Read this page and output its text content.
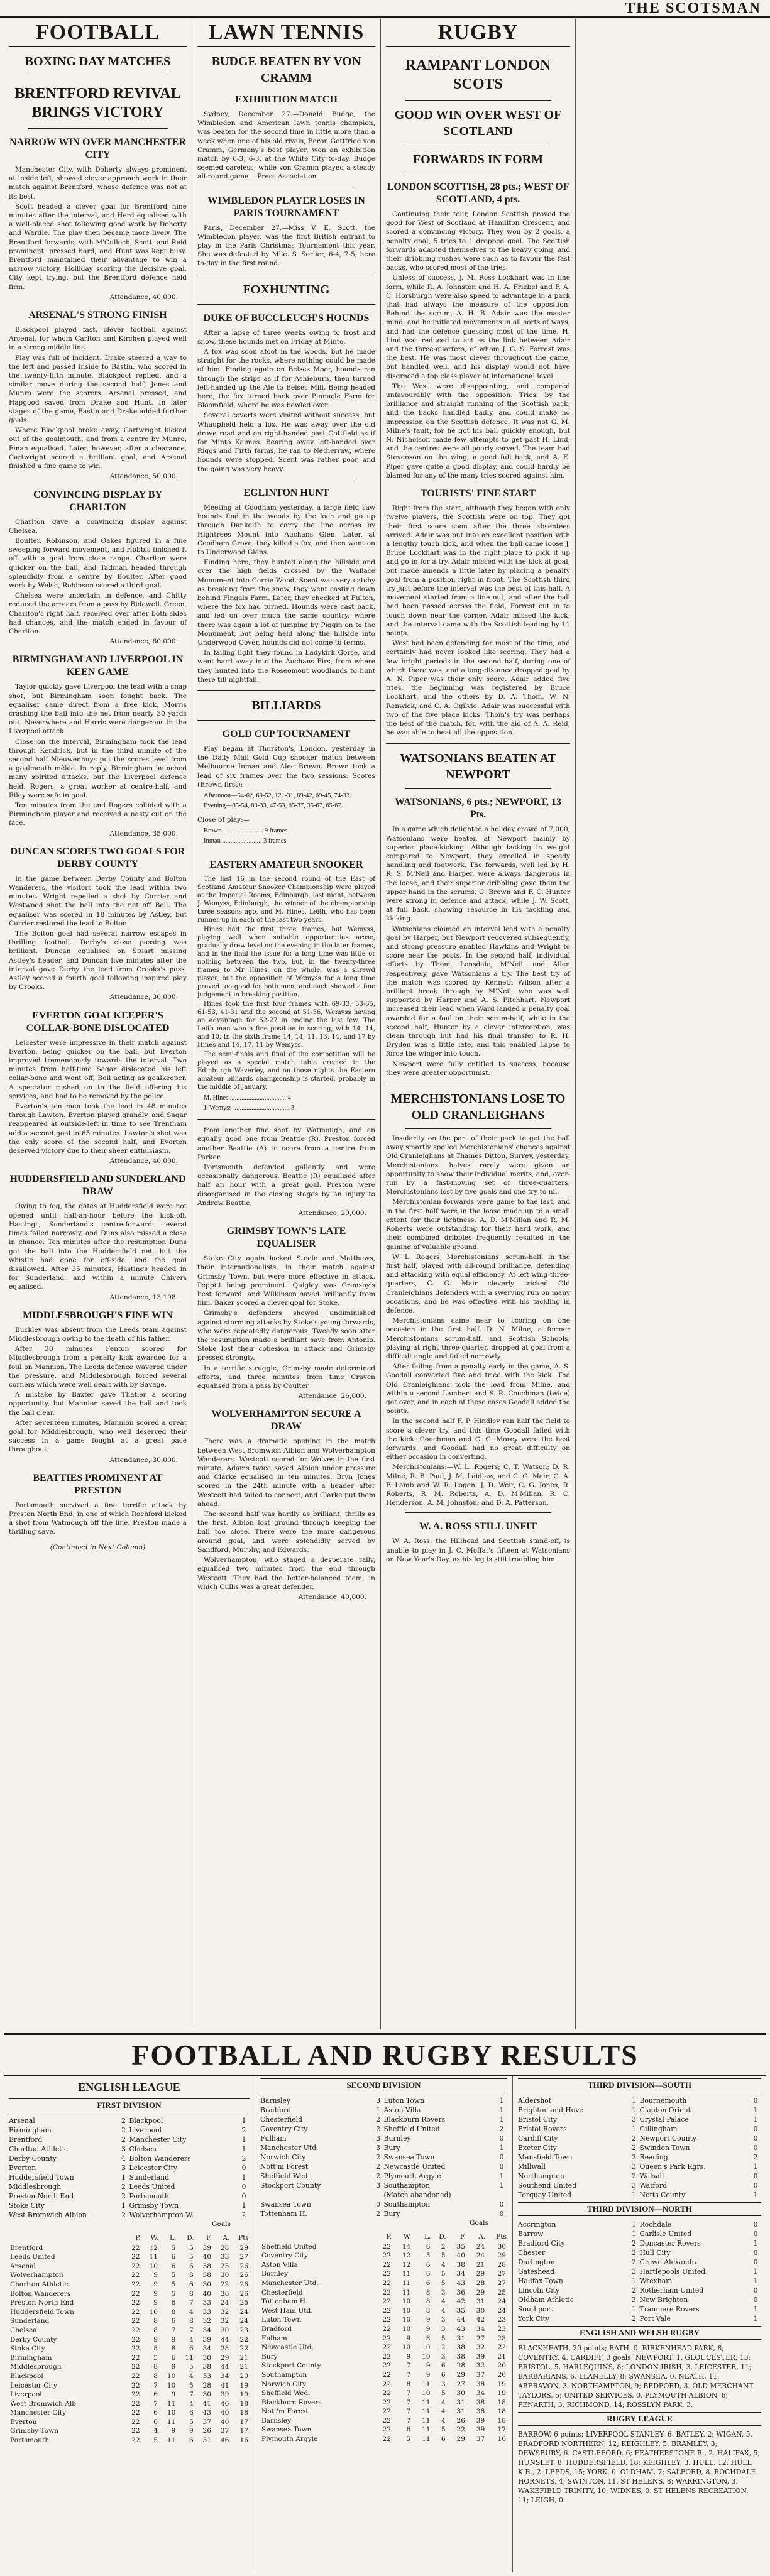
THE SCOTSMAN
FOOTBALL
BOXING DAY MATCHES
BRENTFORD REVIVAL BRINGS VICTORY
NARROW WIN OVER MANCHESTER CITY

Manchester City, with Doherty always prominent at inside left, showed clever approach work in their match against Brentford, whose defence was not at its best.

Scott headed a clever goal for Brentford nine minutes after the interval, and Herd equalised with a well-placed shot following good work by Doherty and Wardle. The play then became more lively. The Brentford forwards, with M'Culloch, Scott, and Reid prominent, pressed hard, and Hunt was kept busy. Brentford maintained their advantage to win a narrow victory, Holliday scoring the decisive goal. City kept trying, but the Brentford defence held firm.

Attendance, 40,000.
ARSENAL'S STRONG FINISH

Blackpool played fast, clever football against Arsenal, for whom Carlton and Kirchen played well in a strong middle line.

Play was full of incident. Drake steered a way to the left and passed inside to Bastin, who scored in the twenty-fifth minute. Blackpool replied, and a similar move during the second half, Jones and Munro were the scorers. Arsenal pressed, and Hapgood saved from Drake and Hunt. In later stages of the game, Bastin and Drake added further goals.

Where Blackpool broke away, Cartwright kicked out of the goalmouth, and from a centre by Munro, Finan equalised. Later, however, after a clearance, Cartwright scored a brilliant goal, and Arsenal finished a fine game to win.

Attendance, 50,000.
CONVINCING DISPLAY BY CHARLTON

Charlton gave a convincing display against Chelsea.

Boulter, Robinson, and Oakes figured in a fine sweeping forward movement, and Hobbis finished it off with a goal from close range. Charlton were quicker on the ball, and Tadman headed through splendidly from a centre by Boulter. After good work by Welsh, Robinson scored a third goal.

Chelsea were uncertain in defence, and Chitty reduced the arrears from a pass by Bidewell. Green, Charlton's right half, received over after both sides had chances, and the match ended in favour of Charlton.

Attendance, 60,000.
BIRMINGHAM AND LIVERPOOL IN KEEN GAME

Taylor quickly gave Liverpool the lead with a snap shot, but Birmingham soon fought back. The equaliser came direct from a free kick, Morris crashing the ball into the net from nearly 30 yards out. Neverwhere and Harris were dangerous in the Liverpool attack.

Close on the interval, Birmingham took the lead through Kendrick, but in the third minute of the second half Nieuwenhuys put the scores level from a goalmouth mêlée. In reply, Birmingham launched many spirited attacks, but the Liverpool defence held. Rogers, a great worker at centre-half, and Riley were safe in goal.

Ten minutes from the end Rogers collided with a Birmingham player and received a nasty cut on the face.

Attendance, 35,000.
DUNCAN SCORES TWO GOALS FOR DERBY COUNTY

In the game between Derby County and Bolton Wanderers, the visitors took the lead within two minutes. Wright repelled a shot by Currier and Westwood shot the ball into the net off Bell. The equaliser was scored in 18 minutes by Astley, but Currier restored the lead to Bolton.

The Bolton goal had several narrow escapes in thrilling football. Derby's close passing was brilliant. Duncan equalised on Stuart missing Astley's header, and Duncan five minutes after the interval gave Derby the lead from Crooks's pass. Astley scored a fourth goal following inspired play by Crooks.

Attendance, 30,000.
EVERTON GOALKEEPER'S COLLAR-BONE DISLOCATED

Leicester were impressive in their match against Everton, being quicker on the ball, but Everton improved tremendously towards the interval. Two minutes from half-time Sagar dislocated his left collar-bone and went off, Bell acting as goalkeeper. A spectator rushed on to the field offering his services, and had to be removed by the police.

Everton's ten men took the lead in 48 minutes through Lawton. Everton played grandly, and Sagar reappeared at outside-left in time to see Trentham add a second goal in 65 minutes. Lawton's shot was the only score of the second half, and Everton deserved victory due to their sheer enthusiasm.

Attendance, 40,000.
HUDDERSFIELD AND SUNDERLAND DRAW

Owing to fog, the gates at Huddersfield were not opened until half-an-hour before the kick-off. Hastings, Sunderland's centre-forward, several times failed narrowly, and Duns also missed a close in chance. Ten minutes after the resumption Duns got the ball into the Huddersfield net, but the whistle had gone for off-side, and the goal disallowed. After 35 minutes, Hastings headed in for Sunderland, and within a minute Chivers equalised.

Attendance, 13,198.
MIDDLESBROUGH'S FINE WIN

Buckley was absent from the Leeds team against Middlesbrough owing to the death of his father.

After 30 minutes Fenton scored for Middlesbrough from a penalty kick awarded for a foul on Mannion. The Leeds defence wavered under the pressure, and Middlesbrough forced several corners which were well dealt with by Savage.

A mistake by Baxter gave Thatler a scoring opportunity, but Mannion saved the ball and took the ball clear.

After seventeen minutes, Mannion scored a great goal for Middlesbrough, who well deserved their success in a game fought at a great pace throughout.

Attendance, 30,000.
BEATTIES PROMINENT AT PRESTON

Portsmouth survived a fine terrific attack by Preston North End, in one of which Rochford kicked a shot from Watmough off the line. Preston made a thrilling save.

(Continued in Next Column)
LAWN TENNIS
BUDGE BEATEN BY VON CRAMM
EXHIBITION MATCH

Sydney, December 27.—Donald Budge, the Wimbledon and American lawn tennis champion, was beaten for the second time in little more than a week when one of his old rivals, Baron Gottfried von Cramm, Germany's best player, won an exhibition match by 6-3, 6-3, at the White City to-day. Budge seemed careless, while von Cramm played a steady all-round game.—Press Association.

WIMBLEDON PLAYER LOSES IN PARIS TOURNAMENT

Paris, December 27.—Miss V. E. Scott, the Wimbledon player, was the first British entrant to play in the Paris Christmas Tournament this year. She was defeated by Mlle. S. Sorlier, 6-4, 7-5, here to-day in the first round.

FOXHUNTING
DUKE OF BUCCLEUCH'S HOUNDS

After a lapse of three weeks owing to frost and snow, these hounds met on Friday at Minto.

A fox was soon afoot in the woods, but he made straight for the rocks, where nothing could be made of him. Finding again on Belses Moor, hounds ran through the strips as if for Ashieburn, then turned left-handed up the Ale to Belses Mill. Being headed here, the fox turned back over Pinnacle Farm for Bloomfield, where he was bowled over.

Several coverts were visited without success, but Whaupfield held a fox. He was away over the old drove road and on right-handed past Cottfield as if for Minto Kaimes. Bearing away left-handed over Riggs and Firth farms, he ran to Netherraw, where hounds were stopped. Scent was rather poor, and the going was very heavy.

EGLINTON HUNT

Meeting at Coodham yesterday, a large field saw hounds find in the woods by the loch and go up through Dankeith to carry the line across by Hightrees Mount into Auchans Glen. Later, at Coodham Grove, they killed a fox, and then went on to Underwood Glens.

Finding here, they hunted along the hillside and over the high fields crossed by the Wallace Monument into Corrie Wood. Scent was very catchy as breaking from the snow, they went casting down behind Fingals Farm. Later, they checked at Fulton, where the fox had turned. Hounds were cast back, and led on over much the same country, where there was again a lot of jumping by Piggin on to the Monument, but being held along the hillside into Underwood Cover, hounds did not come to terms.

In failing light they found in Ladykirk Gorse, and went hard away into the Auchans Firs, from where they hunted into the Roseomont woodlands to hunt there till nightfall.

BILLIARDS
GOLD CUP TOURNAMENT

Play began at Thurston's, London, yesterday in the Daily Mail Gold Cup snooker match between Melbourne Inman and Alec Brown. Brown took a lead of six frames over the two sessions. Scores (Brown first):—

Afternoon—54-62, 69-52, 121-31, 89-42, 69-45, 74-33.

Evening—85-54, 83-33, 47-53, 85-37, 35-67, 65-67.

Close of play:—

Brown ........................ 9 frames

Inman ........................ 3 frames

EASTERN AMATEUR SNOOKER

The last 16 in the second round of the East of Scotland Amateur Snooker Championship were played at the Imperial Rooms, Edinburgh, last night, between J. Wemyss, Edinburgh, the winner of the championship three seasons ago, and M. Hines, Leith, who has been runner-up in each of the last two years.

Hines had the first three frames, but Wemyss, playing well when suitable opportunities arose, gradually drew level on the evening in the later frames, and in the final the issue for a long time was little or nothing between the two, but, in the twenty-three frames to Mr Hines, on the whole, was a shrewd player, but the opposition of Wemyss for a long time proved too good for both men, and each showed a fine judgement in breaking position.

Hines took the first four frames with 69-33, 53-65, 61-53, 41-31 and the second at 51-56, Wemyss having an advantage for 52-27 in ending the last few. The Leith man won a fine position in scoring, with 14, 14, and 10. In the sixth frame 14, 14, 11, 13, 14, and 17 by Hines and 14, 17, 11 by Wemyss.

The semi-finals and final of the competition will be played as a special match table erected in the Edinburgh Waverley, and on those nights the Eastern amateur billiards championship is started, probably in the middle of January.

M. Hines .................................. 4

J. Wemyss .................................. 3

from another fine shot by Watmough, and an equally good one from Beattie (R). Preston forced another Beattie (A) to score from a centre from Parker.

Portsmouth defended gallantly and were occasionally dangerous. Beattie (R) equalised after half an hour with a great goal. Preston were disorganised in the closing stages by an injury to Andrew Beattie.

Attendance, 29,000.
GRIMSBY TOWN'S LATE EQUALISER

Stoke City again lacked Steele and Matthews, their internationalists, in their match against Grimsby Town, but were more effective in attack. Peppitt being prominent. Quigley was Grimsby's best forward, and Wilkinson saved brilliantly from him. Baker scored a clever goal for Stoke.

Grimsby's defenders showed undiminished against storming attacks by Stoke's young forwards, who were repeatedly dangerous. Tweedy soon after the resumption made a brilliant save from Antonio. Stoke lost their cohesion in attack and Grimsby pressed strongly.

In a terrific struggle, Grimsby made determined efforts, and three minutes from time Craven equalised from a pass by Coulter.

Attendance, 26,000.
WOLVERHAMPTON SECURE A DRAW

There was a dramatic opening in the match between West Bromwich Albion and Wolverhampton Wanderers. Westcott scored for Wolves in the first minute. Adams twice saved Albion under pressure and Clarke equalised in ten minutes. Bryn Jones scored in the 24th minute with a header after Westcott had failed to connect, and Clarke put them ahead.

The second half was hardly as brilliant, thrills as the first. Albion lost ground through keeping the ball too close. There were the more dangerous around goal, and were splendidly served by Sandford, Murphy, and Edwards.

Wolverhampton, who staged a desperate rally, equalised two minutes from the end through Westcott. They had the better-balanced team, in which Cullis was a great defender.

Attendance, 40,000.
RUGBY
RAMPANT LONDON SCOTS
GOOD WIN OVER WEST OF SCOTLAND
FORWARDS IN FORM
LONDON SCOTTISH, 28 pts.; WEST OF SCOTLAND, 4 pts.

Continuing their tour, London Scottish proved too good for West of Scotland at Hamilton Crescent, and scored a convincing victory. They won by 2 goals, a penalty goal, 5 tries to 1 dropped goal. The Scottish forwards adapted themselves to the heavy going, and their dribbling rushes were such as to favour the fast backs, who scored most of the tries.

Unless of success, J. M. Ross Lockhart was in fine form, while R. A. Johnston and H. A. Friebel and F. A. C. Horsburgh were also speed to advantage in a pack that had always the measure of the opposition. Behind the scrum, A. H. B. Adair was the master mind, and he initiated movements in all sorts of ways, and had the defence guessing most of the time. H. Lind was reduced to act as the link between Adair and the three-quarters, of whom J. G. S. Forrest was the best. He was most clever throughout the game, but handled well, and his display would not have disgraced a top class player at international level.

The West were disappointing, and compared unfavourably with the opposition. Tries, by the brilliance and straight running of the Scottish pack, and the backs handled badly, and could make no impression on the Scottish defence. It was not G. M. Milne's fault, for he got his ball quickly enough, but N. Nicholson made few attempts to get past H. Lind, and the centres were all poorly served. The team had Stevenson on the wing, a good full back, and A. E. Piper gave quite a good display, and could hardly be blamed for any of the many tries scored against him.

TOURISTS' FINE START

Right from the start, although they began with only twelve players, the Scottish were on top. They got their first score soon after the three absentees arrived. Adair was put into an excellent position with a lengthy touch kick, and when the ball came loose J. Bruce Lockhart was in the right place to pick it up and go in for a try. Adair missed with the kick at goal, but made amends a little later by placing a penalty goal from a position right in front. The Scottish third try just before the interval was the best of this half. A movement started from a line out, and after the ball had been passed across the field, Forrest cut in to touch down near the corner. Adair missed the kick, and the interval came with the Scottish leading by 11 points.

West had been defending for most of the time, and certainly had never looked like scoring. They had a few bright periods in the second half, during one of which there was, and a long-distance dropped goal by A. N. Piper was their only score. Adair added five tries, the beginning was registered by Bruce Lockhart, and the others by D. A. Thom, W. N. Renwick, and C. A. Ogilvie. Adair was successful with two of the five place kicks. Thom's try was perhaps the best of the match, for, with the aid of A. A. Reid, he was able to beat all the opposition.

WATSONIANS BEATEN AT NEWPORT
WATSONIANS, 6 pts.; NEWPORT, 13 Pts.

In a game which delighted a holiday crowd of 7,000, Watsonians were beaten at Newport mainly by superior place-kicking. Although lacking in weight compared to Newport, they excelled in speedy handling and footwork. The forwards, well led by H. R. S. M'Neil and Harper, were always dangerous in the loose, and their superior dribbling gave them the upper hand in the scrums. C. Brown and F. C. Hunter were strong in defence and attack, while J. W. Scott, at full back, showing resource in his tackling and kicking.

Watsonians claimed an interval lead with a penalty goal by Harper, but Newport recovered subsequently, and strong pressure enabled Hawkins and Wright to score near the posts. In the second half, individual efforts by Thom, Lonsdale, M'Neil, and Allen respectively, gave Watsonians a try. The best try of the match was scored by Kenneth Wilson after a brilliant break through by M'Neil, who was well supported by Harper and A. S. Pitchhart. Newport increased their lead when Ward landed a penalty goal awarded for a foul on their scrum-half, while in the second half, Hunter by a clever interception, was clean through but had his final transfer to R. H. Dryden was a little late, and this enabled Lapse to force the winger into touch.

Newport were fully entitled to success, because they were greater opportunist.

MERCHISTONIANS LOSE TO OLD CRANLEIGHANS

Insularity on the part of their pack to get the ball away smartly spoiled Merchistonians' chances against Old Cranleighans at Thames Ditton, Surrey, yesterday. Merchistonians' halves rarely were given an opportunity to show their individual merits, and, over-run by a fast-moving set of three-quarters, Merchistonians lost by five goals and one try to nil.

Merchistonian forwards were game to the last, and in the first half were in the loose made up to a small extent for their lightness. A. D. M'Millan and R. M. Roberts were outstanding for their hard work, and their combined dribbles frequently resulted in the gaining of valuable ground.

W. L. Rogers, Merchistonians' scrum-half, in the first half, played with all-round brilliance, defending and attacking with equal efficiency. At left wing three-quarters, C. G. Mair cleverly tricked Old Cranleighians defenders with a swerving run on many occasions, and he was effective with his tackling in defence.

Merchistonians came near to scoring on one occasion in the first half. D. N. Milne, a former Merchistonians scrum-half, and Scottish Schools, playing at right three-quarter, dropped at goal from a difficult angle and failed narrowly.

After failing from a penalty early in the game, A. S. Goodall converted five and tried with the kick. The Old Cranleighians took the lead from Milne, and within a second Lambert and S. R. Couchman (twice) got over, and in each of these cases Goodall added the points.

In the second half F. P. Hindley ran half the field to score a clever try, and this time Goodall failed with the kick. Couchman and C. G. Morey were the best forwards, and Goodall had no great difficulty on either occasion in converting.

Merchistonians:—W. L. Rogers; C. T. Watson; D. R. Milne, R. B. Paul, J. M. Laidlaw, and C. G. Mair; G. A. F. Lamb and W. R. Logan; J. D. Weir, C. G. Jones, R. Roberts, R. M. Roberts, A. D. M'Millan, R. C. Henderson, A. M. Johnston; and D. A. Patterson.

W. A. ROSS STILL UNFIT

W. A. Ross, the Hillhead and Scottish stand-off, is unable to play in J. C. Moffat's fifteen at Watsonians on New Year's Day, as his leg is still troubling him.

FOOTBALL AND RUGBY RESULTS
ENGLISH LEAGUE
FIRST DIVISION
Arsenal	2 Blackpool	1
Birmingham	2 Liverpool	2
Brentford	2 Manchester City	1
Charlton Athletic	3 Chelsea	1
Derby County	4 Bolton Wanderers	2
Everton	3 Leicester City	0
Huddersfield Town	1 Sunderland	1
Middlesbrough	2 Leeds United	0
Preston North End	2 Portsmouth	0
Stoke City	1 Grimsby Town	1
West Bromwich Albion	2 Wolverhampton W.	2
Goals
	P.	W.	L.	D.	F.	A.	Pts
Brentford	22	12	5	5	39	28	29
Leeds United	22	11	6	5	40	33	27
Arsenal	22	10	6	6	38	25	26
Wolverhampton	22	9	5	8	38	30	26
Charlton Athletic	22	9	5	8	30	22	26
Bolton Wanderers	22	9	5	8	40	36	26
Preston North End	22	9	6	7	33	24	25
Huddersfield Town	22	10	8	4	33	32	24
Sunderland	22	8	6	8	32	32	24
Chelsea	22	8	7	7	34	30	23
Derby County	22	9	9	4	39	44	22
Stoke City	22	8	8	6	34	28	22
Birmingham	22	5	6	11	30	29	21
Middlesbrough	22	8	9	5	38	44	21
Blackpool	22	8	10	4	33	34	20
Leicester City	22	7	10	5	28	41	19
Liverpool	22	6	9	7	30	39	19
West Bromwich Alb.	22	7	11	4	41	46	18
Manchester City	22	6	10	6	43	40	18
Everton	22	6	11	5	37	40	17
Grimsby Town	22	4	9	9	26	37	17
Portsmouth	22	5	11	6	31	46	16
SECOND DIVISION
Barnsley	3 Luton Town	1
Bradford	1 Aston Villa	1
Chesterfield	2 Blackburn Rovers	1
Coventry City	2 Sheffield United	2
Fulham	3 Burnley	0
Manchester Utd.	3 Bury	1
Norwich City	2 Swansea Town	0
Nott'm Forest	2 Newcastle United	0
Sheffield Wed.	2 Plymouth Argyle	1
Stockport County	3 Southampton	1
(Match abandoned)
Swansea Town	0 Southampton	0
Tottenham H.	2 Bury	0
Goals
	P.	W.	L.	D.	F.	A.	Pts
Sheffield United	22	14	6	2	35	24	30
Coventry City	22	12	5	5	40	24	29
Aston Villa	22	12	6	4	38	21	28
Burnley	22	11	6	5	34	29	27
Manchester Utd.	22	11	6	5	43	28	27
Chesterfield	22	11	8	3	36	29	25
Tottenham H.	22	10	8	4	42	31	24
West Ham Utd.	22	10	8	4	35	30	24
Luton Town	22	10	9	3	44	42	23
Bradford	22	10	9	3	43	34	23
Fulham	22	9	8	5	31	27	23
Newcastle Utd.	22	10	10	2	38	32	22
Bury	22	9	10	3	38	39	21
Stockport County	22	7	9	6	28	32	20
Southampton	22	7	9	6	29	37	20
Norwich City	22	8	11	3	27	38	19
Sheffield Wed.	22	7	10	5	30	34	19
Blackburn Rovers	22	7	11	4	31	38	18
Nott'm Forest	22	7	11	4	31	38	18
Barnsley	22	7	11	4	26	39	18
Swansea Town	22	6	11	5	22	39	17
Plymouth Argyle	22	5	11	6	29	37	16
THIRD DIVISION—SOUTH
Aldershot	1 Bournemouth	0
Brighton and Hove	1 Clapton Orient	1
Bristol City	3 Crystal Palace	1
Bristol Rovers	1 Gillingham	0
Cardiff City	2 Newport County	0
Exeter City	2 Swindon Town	0
Mansfield Town	2 Reading	2
Millwall	3 Queen's Park Rgrs.	1
Northampton	2 Walsall	0
Southend United	3 Watford	0
Torquay United	1 Notts County	1
THIRD DIVISION—NORTH
Accrington	1 Rochdale	0
Barrow	1 Carlisle United	0
Bradford City	2 Doncaster Rovers	1
Chester	2 Hull City	0
Darlington	2 Crewe Alexandra	0
Gateshead	3 Hartlepools United	1
Halifax Town	1 Wrexham	1
Lincoln City	2 Rotherham United	0
Oldham Athletic	3 New Brighton	0
Southport	1 Tranmere Rovers	1
York City	2 Port Vale	1
ENGLISH AND WELSH RUGBY
BLACKHEATH, 20 points; BATH, 0. BIRKENHEAD PARK, 8; COVENTRY, 4. CARDIFF, 3 goals; NEWPORT, 1. GLOUCESTER, 13; BRISTOL, 5. HARLEQUINS, 8; LONDON IRISH, 3. LEICESTER, 11; BARBARIANS, 6. LLANELLY, 8; SWANSEA, 0. NEATH, 11; ABERAVON, 3. NORTHAMPTON, 9; BEDFORD, 3. OLD MERCHANT TAYLORS, 5; UNITED SERVICES, 0. PLYMOUTH ALBION, 6; PENARTH, 3. RICHMOND, 14; ROSSLYN PARK, 3.
RUGBY LEAGUE
BARROW, 6 points; LIVERPOOL STANLEY, 6. BATLEY, 2; WIGAN, 5. BRADFORD NORTHERN, 12; KEIGHLEY, 5. BRAMLEY, 3; DEWSBURY, 6. CASTLEFORD, 6; FEATHERSTONE R., 2. HALIFAX, 5; HUNSLET, 8. HUDDERSFIELD, 18; KEIGHLEY, 3. HULL, 12; HULL K.R., 2. LEEDS, 15; YORK, 0. OLDHAM, 7; SALFORD, 8. ROCHDALE HORNETS, 4; SWINTON, 11. ST HELENS, 8; WARRINGTON, 3. WAKEFIELD TRINITY, 10; WIDNES, 0. ST HELENS RECREATION, 11; LEIGH, 0.
